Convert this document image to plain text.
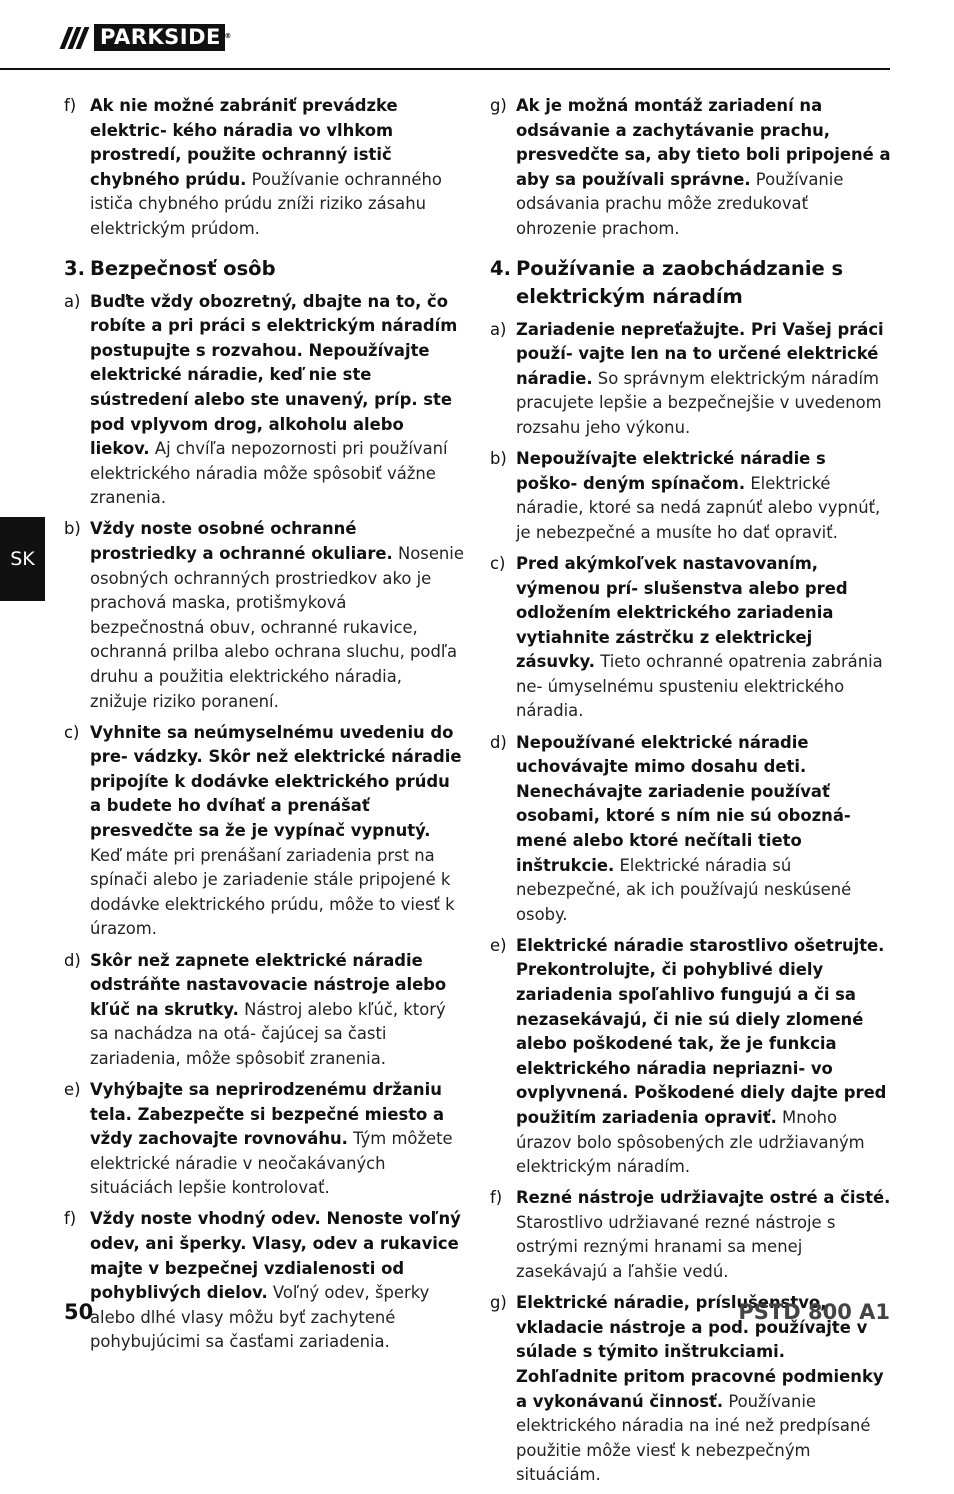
PARKSIDE ®
SK
f) Ak nie možné zabrániť prevádzke elektric- kého náradia vo vlhkom prostredí, použite ochranný istič chybného prúdu. Používanie ochranného ističa chybného prúdu zníži riziko zásahu elektrickým prúdom.
3. Bezpečnosť osôb
a) Buďte vždy obozretný, dbajte na to, čo robíte a pri práci s elektrickým náradím postupujte s rozvahou. Nepoužívajte elektrické náradie, keď nie ste sústredení alebo ste unavený, príp. ste pod vplyvom drog, alkoholu alebo liekov. Aj chvíľa nepozornosti pri používaní elektrického náradia môže spôsobiť vážne zranenia.
b) Vždy noste osobné ochranné prostriedky a ochranné okuliare. Nosenie osobných ochranných prostriedkov ako je prachová maska, protišmyková bezpečnostná obuv, ochranné rukavice, ochranná prilba alebo ochrana sluchu, podľa druhu a použitia elektrického náradia, znižuje riziko poranení.
c) Vyhnite sa neúmyselnému uvedeniu do pre- vádzky. Skôr než elektrické náradie pripojíte k dodávke elektrického prúdu a budete ho dvíhať a prenášať presvedčte sa že je vypínač vypnutý. Keď máte pri prenášaní zariadenia prst na spínači alebo je zariadenie stále pripojené k dodávke elektrického prúdu, môže to viesť k úrazom.
d) Skôr než zapnete elektrické náradie odstráňte nastavovacie nástroje alebo kľúč na skrutky. Nástroj alebo kľúč, ktorý sa nachádza na otá- čajúcej sa časti zariadenia, môže spôsobiť zranenia.
e) Vyhýbajte sa neprirodzenému držaniu tela. Zabezpečte si bezpečné miesto a vždy zachovajte rovnováhu. Tým môžete elektrické náradie v neočakávaných situáciách lepšie kontrolovať.
f) Vždy noste vhodný odev. Nenoste voľný odev, ani šperky. Vlasy, odev a rukavice majte v bezpečnej vzdialenosti od pohyblivých dielov. Voľný odev, šperky alebo dlhé vlasy môžu byť zachytené pohybujúcimi sa časťami zariadenia.
g) Ak je možná montáž zariadení na odsávanie a zachytávanie prachu, presvedčte sa, aby tieto boli pripojené a aby sa používali správne. Používanie odsávania prachu môže zredukovať ohrozenie prachom.
4. Používanie a zaobchádzanie s elektrickým náradím
a) Zariadenie nepreťažujte. Pri Vašej práci použí- vajte len na to určené elektrické náradie. So správnym elektrickým náradím pracujete lepšie a bezpečnejšie v uvedenom rozsahu jeho výkonu.
b) Nepoužívajte elektrické náradie s poško- deným spínačom. Elektrické náradie, ktoré sa nedá zapnúť alebo vypnúť, je nebezpečné a musíte ho dať opraviť.
c) Pred akýmkoľvek nastavovaním, výmenou prí- slušenstva alebo pred odložením elektrického zariadenia vytiahnite zástrčku z elektrickej zásuvky. Tieto ochranné opatrenia zabránia ne- úmyselnému spusteniu elektrického náradia.
d) Nepoužívané elektrické náradie uchovávajte mimo dosahu deti. Nenechávajte zariadenie používať osobami, ktoré s ním nie sú obozná- mené alebo ktoré nečítali tieto inštrukcie. Elektrické náradia sú nebezpečné, ak ich používajú neskúsené osoby.
e) Elektrické náradie starostlivo ošetrujte. Prekontrolujte, či pohyblivé diely zariadenia spoľahlivo fungujú a či sa nezasekávajú, či nie sú diely zlomené alebo poškodené tak, že je funkcia elektrického náradia nepriazni- vo ovplyvnená. Poškodené diely dajte pred použitím zariadenia opraviť. Mnoho úrazov bolo spôsobených zle udržiavaným elektrickým náradím.
f) Rezné nástroje udržiavajte ostré a čisté. Starostlivo udržiavané rezné nástroje s ostrými reznými hranami sa menej zasekávajú a ľahšie vedú.
g) Elektrické náradie, príslušenstvo, vkladacie nástroje a pod. používajte v súlade s týmito inštrukciami. Zohľadnite pritom pracovné podmienky a vykonávanú činnosť. Používanie elektrického náradia na iné než predpísané použitie môže viesť k nebezpečným situáciám.
50	PSTD 800 A1
